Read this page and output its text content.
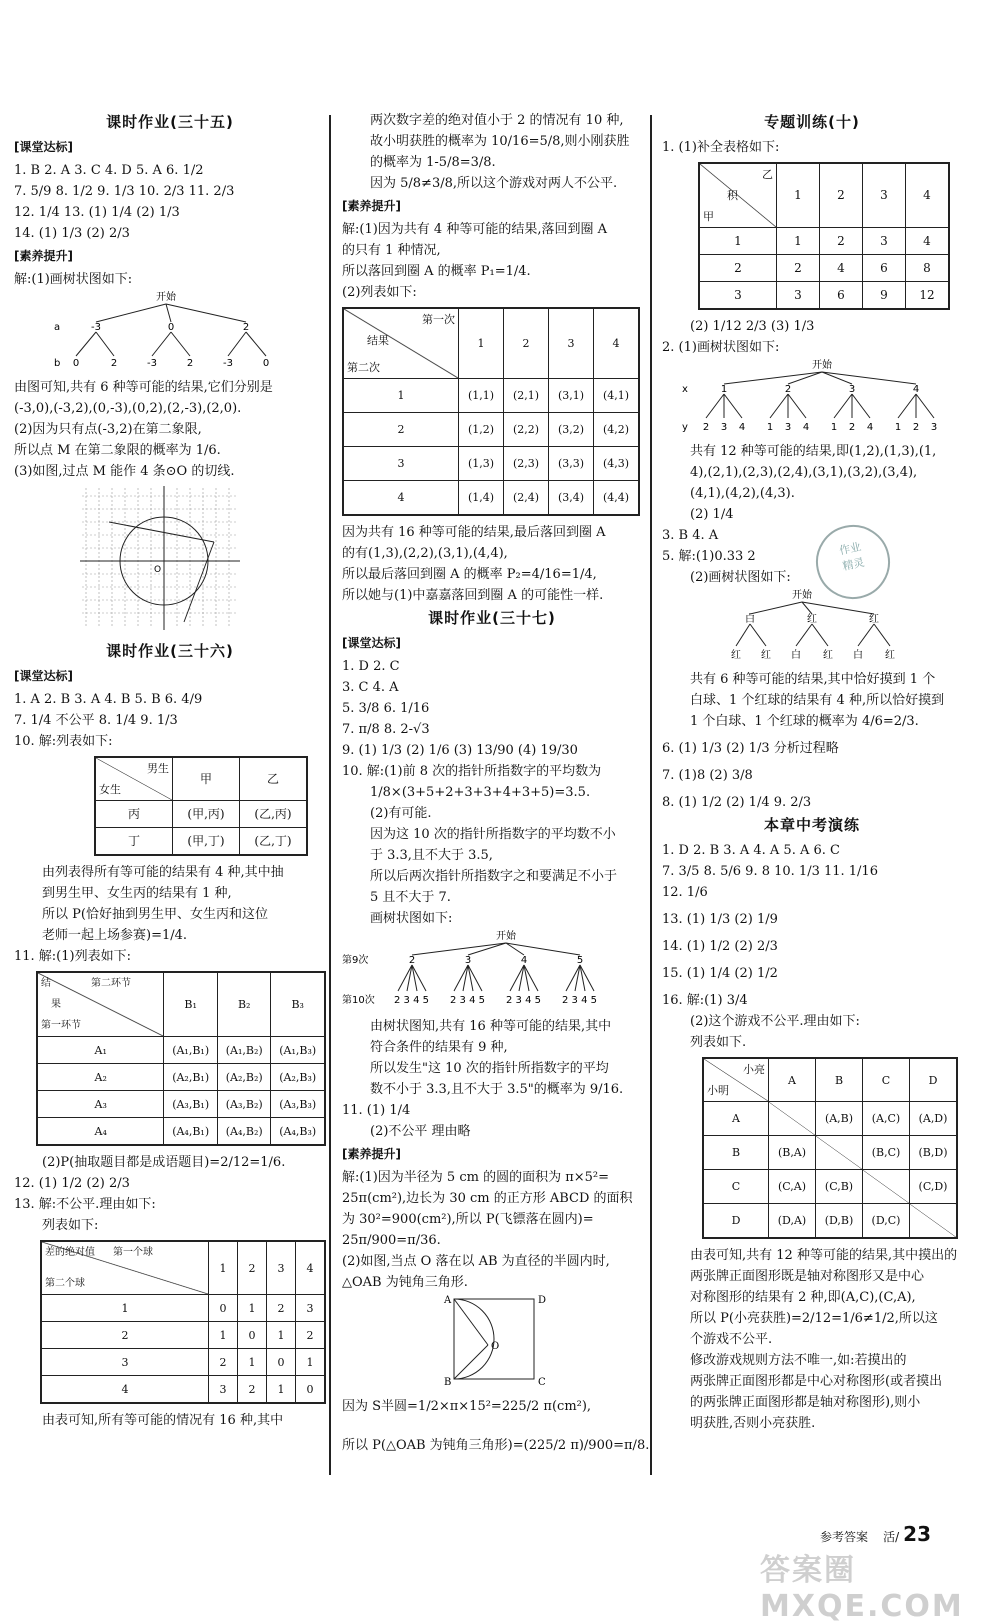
课时作业(三十五)
[课堂达标]
1. B 2. A 3. C 4. D 5. A 6. 1/2
7. 5/9 8. 1/2 9. 1/3 10. 2/3 11. 2/3
12. 1/4 13. (1) 1/4 (2) 1/3
14. (1) 1/3 (2) 2/3
[素养提升]
解:(1)画树状图如下:
开始
a
b
-3	0	2
0	2	-3	2	-3	0
由图可知,共有 6 种等可能的结果,它们分别是
(-3,0),(-3,2),(0,-3),(0,2),(2,-3),(2,0).
(2)因为只有点(-3,2)在第二象限,
所以点 M 在第二象限的概率为 1/6.
(3)如图,过点 M 能作 4 条⊙O 的切线.
O
课时作业(三十六)
[课堂达标]
1. A 2. B 3. A 4. B 5. B 6. 4/9
7. 1/4 不公平 8. 1/4 9. 1/3
10. 解:列表如下:
男生
女生	甲	乙
丙	(甲,丙)	(乙,丙)
丁	(甲,丁)	(乙,丁)
由列表得所有等可能的结果有 4 种,其中抽
到男生甲、女生丙的结果有 1 种,
所以 P(恰好抽到男生甲、女生丙和这位
老师一起上场参赛)=1/4.
11. 解:(1)列表如下:
结 第二环节
果
第一环节	B₁	B₂	B₃
A₁	(A₁,B₁)	(A₁,B₂)	(A₁,B₃)
A₂	(A₂,B₁)	(A₂,B₂)	(A₂,B₃)
A₃	(A₃,B₁)	(A₃,B₂)	(A₃,B₃)
A₄	(A₄,B₁)	(A₄,B₂)	(A₄,B₃)
(2)P(抽取题目都是成语题目)=2/12=1/6.
12. (1) 1/2 (2) 2/3
13. 解:不公平.理由如下:
列表如下:
差的绝对值 第一个球
第二个球	1	2	3	4
1	0	1	2	3
2	1	0	1	2
3	2	1	0	1
4	3	2	1	0
由表可知,所有等可能的情况有 16 种,其中
两次数字差的绝对值小于 2 的情况有 10 种,
故小明获胜的概率为 10/16=5/8,则小刚获胜
的概率为 1-5/8=3/8.
因为 5/8≠3/8,所以这个游戏对两人不公平.
[素养提升]
解:(1)因为共有 4 种等可能的结果,落回到圈 A
的只有 1 种情况,
所以落回到圈 A 的概率 P₁=1/4.
(2)列表如下:
第一次
结果
第二次	1	2	3	4
1	(1,1)	(2,1)	(3,1)	(4,1)
2	(1,2)	(2,2)	(3,2)	(4,2)
3	(1,3)	(2,3)	(3,3)	(4,3)
4	(1,4)	(2,4)	(3,4)	(4,4)
因为共有 16 种等可能的结果,最后落回到圈 A
的有(1,3),(2,2),(3,1),(4,4),
所以最后落回到圈 A 的概率 P₂=4/16=1/4,
所以她与(1)中嘉嘉落回到圈 A 的可能性一样.
课时作业(三十七)
[课堂达标]
1. D 2. C
3. C 4. A
5. 3/8 6. 1/16
7. π/8 8. 2-√3
9. (1) 1/3 (2) 1/6 (3) 13/90 (4) 19/30
10. 解:(1)前 8 次的指针所指数字的平均数为
1/8×(3+5+2+3+3+4+3+5)=3.5.
(2)有可能.
因为这 10 次的指针所指数字的平均数不小
于 3.3,且不大于 3.5,
所以后两次指针所指数字之和要满足不小于
5 且不大于 7.
画树状图如下:
开始
第9次
第10次
2	3	4	5
2 3 4 5 2 3 4 5 2 3 4 5 2 3 4 5
由树状图知,共有 16 种等可能的结果,其中
符合条件的结果有 9 种,
所以发生"这 10 次的指针所指数字的平均
数不小于 3.3,且不大于 3.5"的概率为 9/16.
11. (1) 1/4
(2)不公平 理由略
[素养提升]
解:(1)因为半径为 5 cm 的圆的面积为 π×5²=
25π(cm²),边长为 30 cm 的正方形 ABCD 的面积
为 30²=900(cm²),所以 P(飞镖落在圆内)=
25π/900=π/36.
(2)如图,当点 O 落在以 AB 为直径的半圆内时,
△OAB 为钝角三角形.
A
B	C
D
O
因为 S半圆=1/2×π×15²=225/2 π(cm²),
所以 P(△OAB 为钝角三角形)=(225/2 π)/900=π/8.
专题训练(十)
1. (1)补全表格如下:
乙
积
甲	1	2	3	4
1	1	2	3	4
2	2	4	6	8
3	3	6	9	12
(2) 1/12 2/3 (3) 1/3
2. (1)画树状图如下:
开始
x
y
1	2	3	4
2 3 4 1 3 4 1 2 4 1 2 3
共有 12 种等可能的结果,即(1,2),(1,3),(1,
4),(2,1),(2,3),(2,4),(3,1),(3,2),(3,4),
(4,1),(4,2),(4,3).
(2) 1/4
3. B 4. A
5. 解:(1)0.33 2
(2)画树状图如下:
开始
白	红	红
红 红 白 红 白 红
共有 6 种等可能的结果,其中恰好摸到 1 个
白球、1 个红球的结果有 4 种,所以恰好摸到
1 个白球、1 个红球的概率为 4/6=2/3.
6. (1) 1/3 (2) 1/3 分析过程略
7. (1)8 (2) 3/8
8. (1) 1/2 (2) 1/4 9. 2/3
本章中考演练
1. D 2. B 3. A 4. A 5. A 6. C
7. 3/5 8. 5/6 9. 8 10. 1/3 11. 1/16
12. 1/6
13. (1) 1/3 (2) 1/9
14. (1) 1/2 (2) 2/3
15. (1) 1/4 (2) 1/2
16. 解:(1) 3/4
(2)这个游戏不公平.理由如下:
列表如下.
小亮
小明	A	B	C	D
A		(A,B)	(A,C)	(A,D)
B	(B,A)		(B,C)	(B,D)
C	(C,A)	(C,B)		(C,D)
D	(D,A)	(D,B)	(D,C)	
由表可知,共有 12 种等可能的结果,其中摸出的
两张牌正面图形既是轴对称图形又是中心
对称图形的结果有 2 种,即(A,C),(C,A),
所以 P(小亮获胜)=2/12=1/6≠1/2,所以这
个游戏不公平.
修改游戏规则方法不唯一,如:若摸出的
两张牌正面图形都是中心对称图形(或者摸出
的两张牌正面图形都是轴对称图形),则小
明获胜,否则小亮获胜.
作业
精灵
参考答案 活/ 23
答案圈 MXQE.COM
